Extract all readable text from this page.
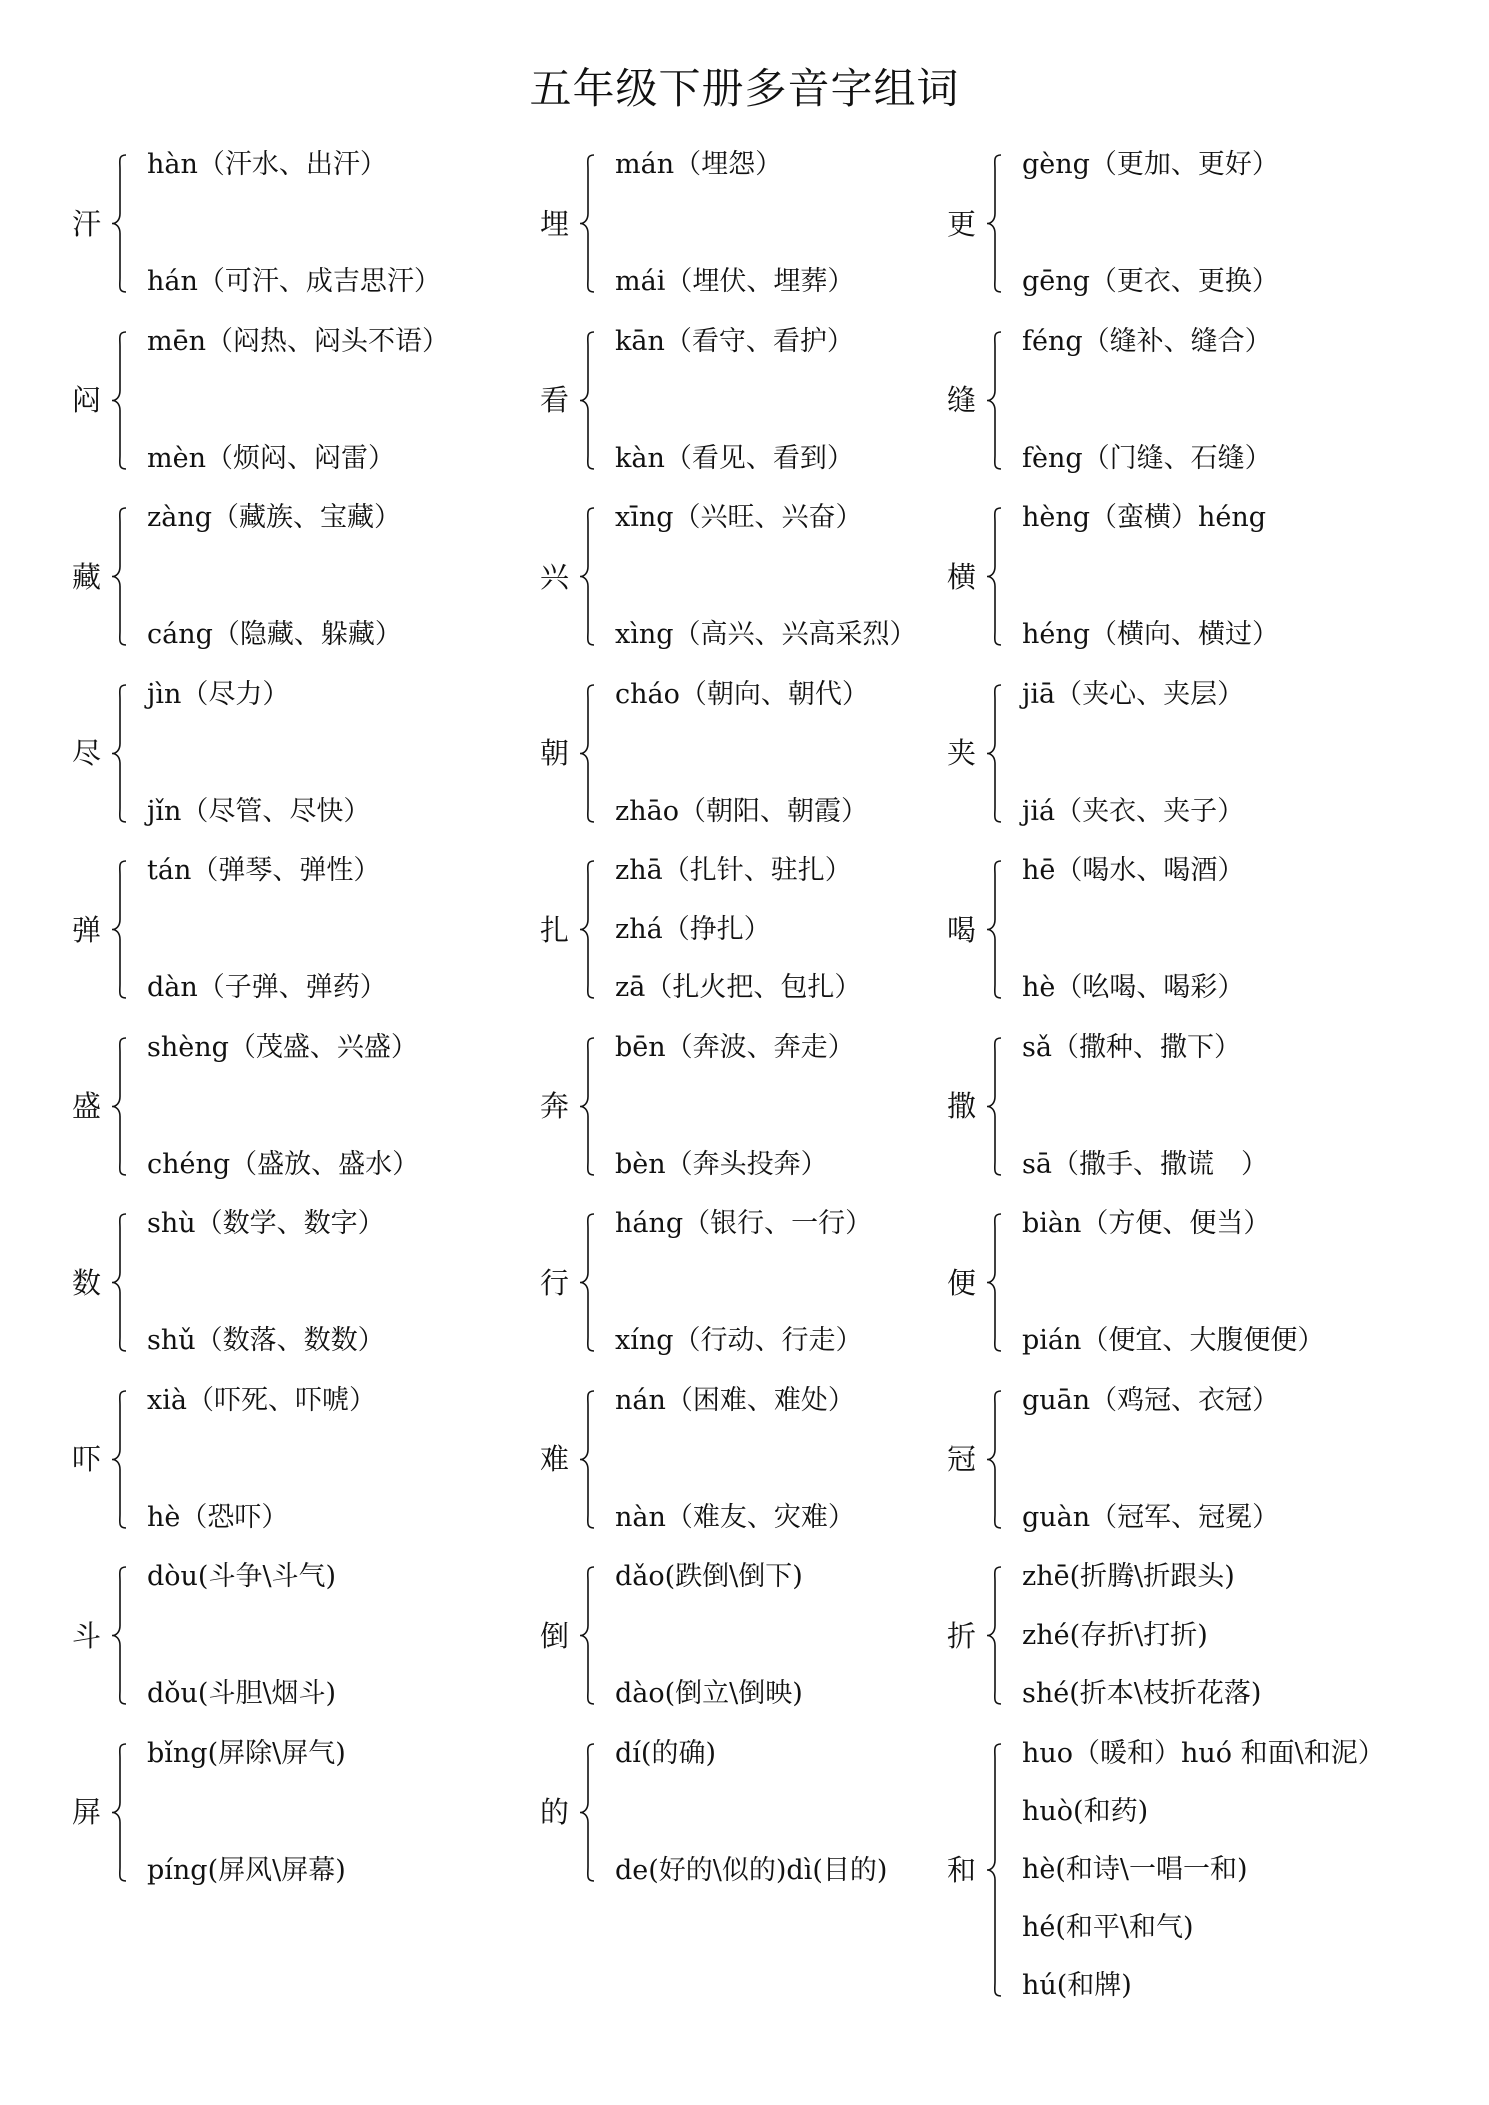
五年级下册多音字组词
汗
hàn（汗水、出汗）
hán（可汗、成吉思汗）
闷
mēn（闷热、闷头不语）
mèn（烦闷、闷雷）
藏
zàng（藏族、宝藏）
cáng（隐藏、躲藏）
尽
jìn（尽力）
jǐn（尽管、尽快）
弹
tán（弹琴、弹性）
dàn（子弹、弹药）
盛
shèng（茂盛、兴盛）
chéng（盛放、盛水）
数
shù（数学、数字）
shǔ（数落、数数）
吓
xià（吓死、吓唬）
hè（恐吓）
斗
dòu(斗争\斗气)
dǒu(斗胆\烟斗)
屏
bǐng(屏除\屏气)
píng(屏风\屏幕)
埋
mán（埋怨）
mái（埋伏、埋葬）
看
kān（看守、看护）
kàn（看见、看到）
兴
xīng（兴旺、兴奋）
xìng（高兴、兴高采烈）
朝
cháo（朝向、朝代）
zhāo（朝阳、朝霞）
扎
zhā（扎针、驻扎）
zhá（挣扎）
zā（扎火把、包扎）
奔
bēn（奔波、奔走）
bèn（奔头投奔）
行
háng（银行、一行）
xíng（行动、行走）
难
nán（困难、难处）
nàn（难友、灾难）
倒
dǎo(跌倒\倒下)
dào(倒立\倒映)
的
dí(的确)
de(好的\似的)dì(目的)
更
gèng（更加、更好）
gēng（更衣、更换）
缝
féng（缝补、缝合）
fèng（门缝、石缝）
横
hèng（蛮横）héng
héng（横向、横过）
夹
jiā（夹心、夹层）
jiá（夹衣、夹子）
喝
hē（喝水、喝酒）
hè（吆喝、喝彩）
撒
sǎ（撒种、撒下）
sā（撒手、撒谎　）
便
biàn（方便、便当）
pián（便宜、大腹便便）
冠
guān（鸡冠、衣冠）
guàn（冠军、冠冕）
折
zhē(折腾\折跟头)
zhé(存折\打折)
shé(折本\枝折花落)
和
huo（暖和）huó 和面\和泥）
huò(和药)
hè(和诗\一唱一和)
hé(和平\和气)
hú(和牌)
